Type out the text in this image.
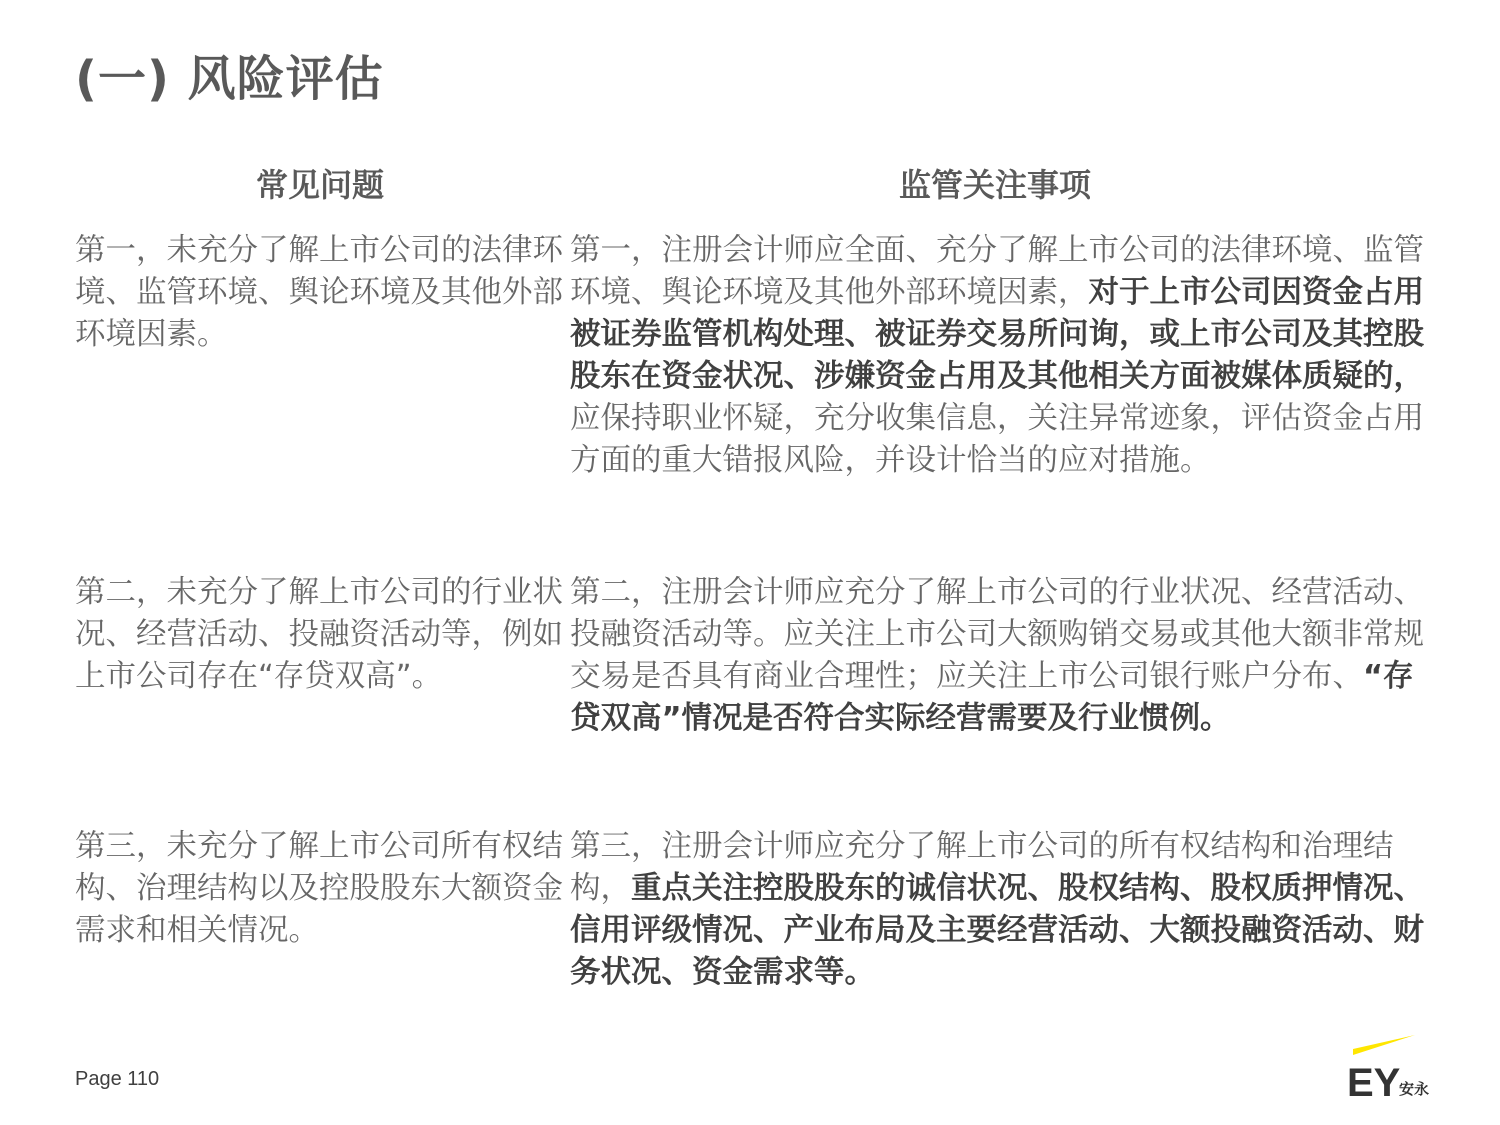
(一) 风险评估
常见问题	监管关注事项
第一，未充分了解上市公司的法律环境、监管环境、舆论环境及其他外部环境因素。
第一，注册会计师应全面、充分了解上市公司的法律环境、监管环境、舆论环境及其他外部环境因素，对于上市公司因资金占用被证券监管机构处理、被证券交易所问询，或上市公司及其控股股东在资金状况、涉嫌资金占用及其他相关方面被媒体质疑的，应保持职业怀疑，充分收集信息，关注异常迹象，评估资金占用方面的重大错报风险，并设计恰当的应对措施。
第二，未充分了解上市公司的行业状况、经营活动、投融资活动等，例如上市公司存在“存贷双高”。
第二，注册会计师应充分了解上市公司的行业状况、经营活动、投融资活动等。应关注上市公司大额购销交易或其他大额非常规交易是否具有商业合理性；应关注上市公司银行账户分布、“存贷双高”情况是否符合实际经营需要及行业惯例。
第三，未充分了解上市公司所有权结构、治理结构以及控股股东大额资金需求和相关情况。
第三，注册会计师应充分了解上市公司的所有权结构和治理结构，重点关注控股股东的诚信状况、股权结构、股权质押情况、信用评级情况、产业布局及主要经营活动、大额投融资活动、财务状况、资金需求等。
Page 110	EY
安永
